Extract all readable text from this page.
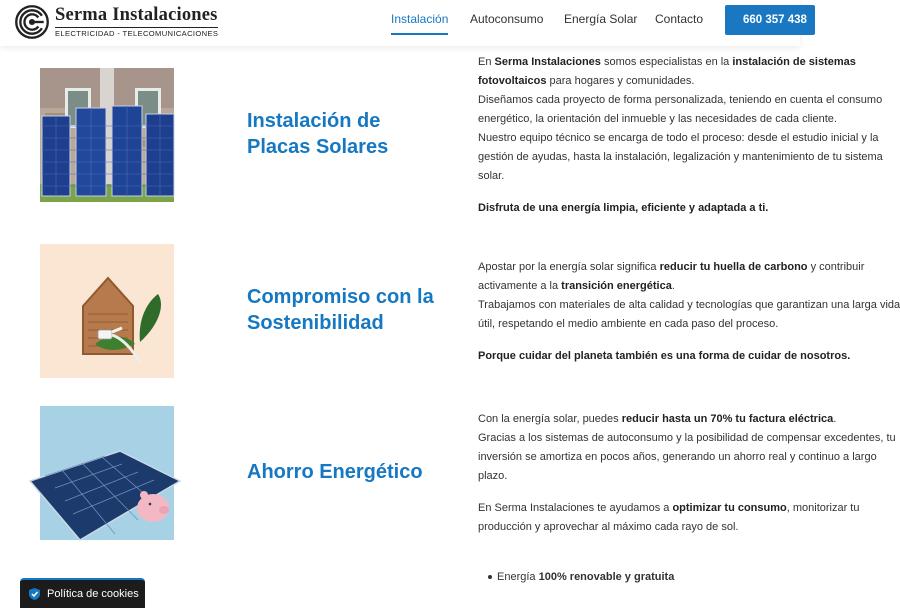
Serma Instalaciones
ELECTRICIDAD - TELECOMUNICACIONES
Instalación Autoconsumo Energía Solar Contacto	660 357 438
Instalación de
Placas Solares

En Serma Instalaciones somos especialistas en la instalación de sistemas

fotovoltaicos para hogares y comunidades.

Diseñamos cada proyecto de forma personalizada, teniendo en cuenta el consumo

energético, la orientación del inmueble y las necesidades de cada cliente.

Nuestro equipo técnico se encarga de todo el proceso: desde el estudio inicial y la

gestión de ayudas, hasta la instalación, legalización y mantenimiento de tu sistema

solar.

Disfruta de una energía limpia, eficiente y adaptada a ti.

Compromiso con la
Sostenibilidad

Apostar por la energía solar significa reducir tu huella de carbono y contribuir

activamente a la transición energética.

Trabajamos con materiales de alta calidad y tecnologías que garantizan una larga vida

útil, respetando el medio ambiente en cada paso del proceso.

Porque cuidar del planeta también es una forma de cuidar de nosotros.

Ahorro Energético

Con la energía solar, puedes reducir hasta un 70% tu factura eléctrica.

Gracias a los sistemas de autoconsumo y la posibilidad de compensar excedentes, tu

inversión se amortiza en pocos años, generando un ahorro real y continuo a largo

plazo.

En Serma Instalaciones te ayudamos a optimizar tu consumo, monitorizar tu

producción y aprovechar al máximo cada rayo de sol.

Energía 100% renovable y gratuita
Política de cookies
